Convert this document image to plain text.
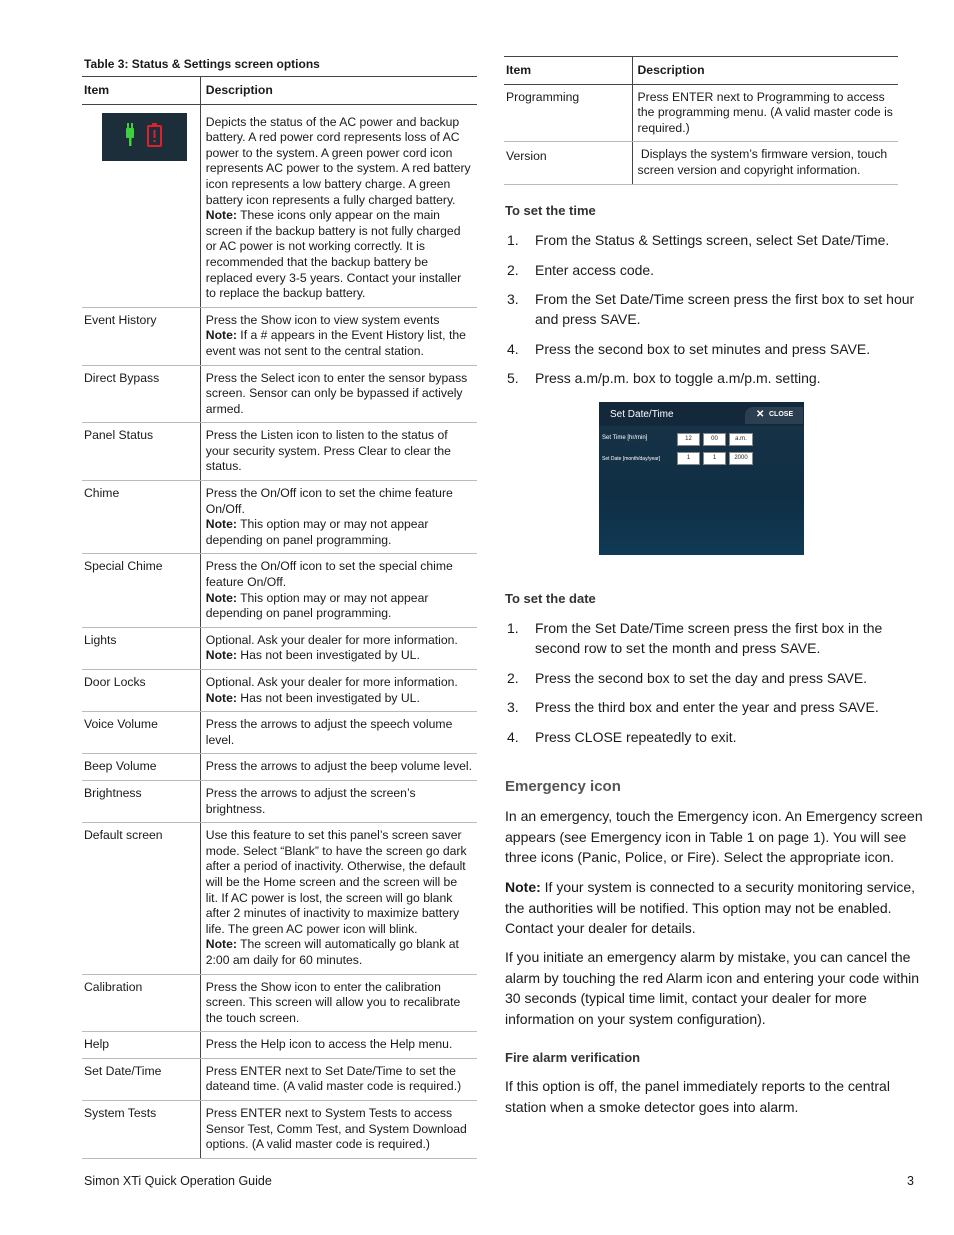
Table 3: Status & Settings screen options
Item	Description

	Depicts the status of the AC power and backup battery. A red power cord represents loss of AC power to the system. A green power cord icon represents AC power to the system. A red battery icon represents a low battery charge. A green battery icon represents a fully charged battery. Note: These icons only appear on the main screen if the backup battery is not fully charged or AC power is not working correctly. It is recommended that the backup battery be replaced every 3-5 years. Contact your installer to replace the backup battery.
Event History	Press the Show icon to view system events
Note: If a # appears in the Event History list, the event was not sent to the central station.
Direct Bypass	Press the Select icon to enter the sensor bypass screen. Sensor can only be bypassed if actively armed.
Panel Status	Press the Listen icon to listen to the status of your security system. Press Clear to clear the status.
Chime	Press the On/Off icon to set the chime feature On/Off.
Note: This option may or may not appear depending on panel programming.
Special Chime	Press the On/Off icon to set the special chime feature On/Off.
Note: This option may or may not appear depending on panel programming.
Lights	Optional. Ask your dealer for more information.
Note: Has not been investigated by UL.
Door Locks	Optional. Ask your dealer for more information.
Note: Has not been investigated by UL.
Voice Volume	Press the arrows to adjust the speech volume level.
Beep Volume	Press the arrows to adjust the beep volume level.
Brightness	Press the arrows to adjust the screen’s brightness.
Default screen	Use this feature to set this panel’s screen saver mode. Select “Blank” to have the screen go dark after a period of inactivity. Otherwise, the default will be the Home screen and the screen will be lit. If AC power is lost, the screen will go blank after 2 minutes of inactivity to maximize battery life. The green AC power icon will blink.
Note: The screen will automatically go blank at 2:00 am daily for 60 minutes.
Calibration	Press the Show icon to enter the calibration screen. This screen will allow you to recalibrate the touch screen.
Help	Press the Help icon to access the Help menu.
Set Date/Time	Press ENTER next to Set Date/Time to set the dateand time. (A valid master code is required.)
System Tests	Press ENTER next to System Tests to access Sensor Test, Comm Test, and System Download options. (A valid master code is required.)
Item	Description
Programming	Press ENTER next to Programming to access the programming menu. (A valid master code is required.)
Version	Displays the system’s firmware version, touch screen version and copyright information.
To set the time
1. From the Status & Settings screen, select Set Date/Time.
2. Enter access code.
3. From the Set Date/Time screen press the first box to set hour and press SAVE.
4. Press the second box to set minutes and press SAVE.
5. Press a.m/p.m. box to toggle a.m/p.m. setting.
Set Date/Time	✕ CLOSE
Set Time [hr/min]
Set Date [month/day/year]
12	00	a.m.
1	1	2000
To set the date
1. From the Set Date/Time screen press the first box in the second row to set the month and press SAVE.
2. Press the second box to set the day and press SAVE.
3. Press the third box and enter the year and press SAVE.
4. Press CLOSE repeatedly to exit.
Emergency icon
In an emergency, touch the Emergency icon. An Emergency screen appears (see Emergency icon in Table 1 on page 1). You will see three icons (Panic, Police, or Fire). Select the appropriate icon.
Note: If your system is connected to a security monitoring service, the authorities will be notified. This option may not be enabled. Contact your dealer for details.
If you initiate an emergency alarm by mistake, you can cancel the alarm by touching the red Alarm icon and entering your code within 30 seconds (typical time limit, contact your dealer for more information on your system configuration).
Fire alarm verification
If this option is off, the panel immediately reports to the central station when a smoke detector goes into alarm.
Simon XTi Quick Operation Guide	3
